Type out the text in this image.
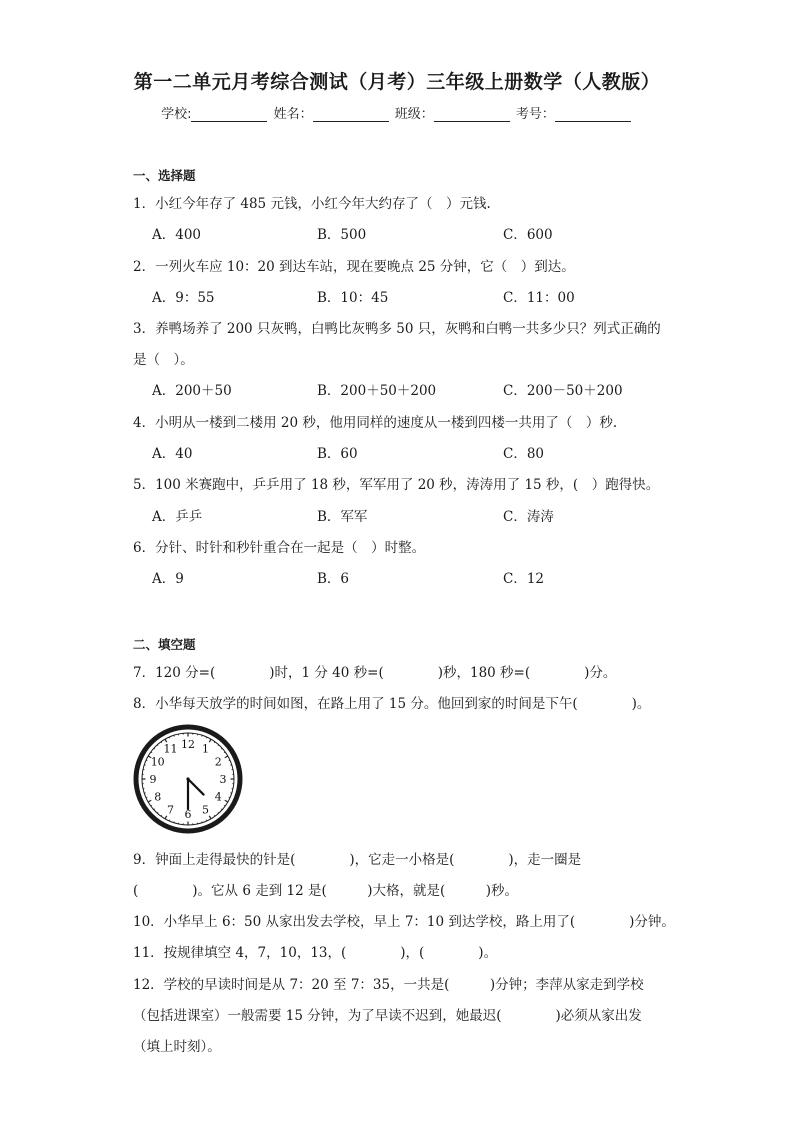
第一二单元月考综合测试（月考）三年级上册数学（人教版）
学校:	姓名：	班级：	考号：
一、选择题
1．小红今年存了 485 元钱，小红今年大约存了（　）元钱.
A．400	B．500	C．600
2．一列火车应 10：20 到达车站，现在要晚点 25 分钟，它（　）到达。
A．9：55	B．10：45	C．11：00
3．养鸭场养了 200 只灰鸭，白鸭比灰鸭多 50 只，灰鸭和白鸭一共多少只？列式正确的
是（　）。
A．200＋50	B．200＋50＋200	C．200－50＋200
4．小明从一楼到二楼用 20 秒，他用同样的速度从一楼到四楼一共用了（　）秒.
A．40	B．60	C．80
5．100 米赛跑中，乒乒用了 18 秒，军军用了 20 秒，涛涛用了 15 秒，(　）跑得快。
A．乒乒	B．军军	C．涛涛
6．分针、时针和秒针重合在一起是（　）时整。
A．9	B．6	C．12
二、填空题
7．120 分=(　　　　)时，1 分 40 秒=(　　　　)秒，180 秒=(　　　　)分。
8．小华每天放学的时间如图，在路上用了 15 分。他回到家的时间是下午(　　　　)。
12 1
2
3
4
5
6
7
8
9
10
11
9．钟面上走得最快的针是(　　　　)，它走一小格是(　　　　)，走一圈是
(　　　　)。它从 6 走到 12 是(　　　)大格，就是(　　　)秒。
10．小华早上 6：50 从家出发去学校，早上 7：10 到达学校，路上用了(　　　　)分钟。
11．按规律填空 4，7，10，13，(　　　　)，(　　　　)。
12．学校的早读时间是从 7：20 至 7：35，一共是(　　　)分钟；李萍从家走到学校
（包括进课室）一般需要 15 分钟，为了早读不迟到，她最迟(　　　　)必须从家出发
（填上时刻）。
